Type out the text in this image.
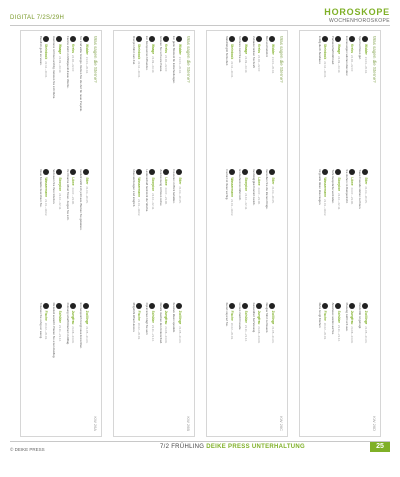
DIGITAL 7/2S/29H
HOROSKOPE
WOCHENHOROSKOPE
Was sagen die Sterne?
KW 26A
Widder
21.03.–20.04.
Sie sind voller Energie. Nutzen Sie die Zeit für neue Projekte.
Stier
21.04.–20.05.
Geduld zahlt sich jetzt aus. Bleiben Sie gelassen.
Zwillinge
21.05.–21.06.
Ein Gespräch bringt neue Einsichten.
Krebs
22.06.–22.07.
Familie steht im Mittelpunkt dieser Woche.
Löwe
23.07.–23.08.
Ihr Charme öffnet Türen. Zeigen Sie sich.
Jungfrau
24.08.–23.09.
Ordnung schafft Klarheit im Alltag.
Waage
24.09.–23.10.
Harmonie ist Ihnen wichtig. Gönnen Sie sich Ruhe.
Skorpion
24.10.–22.11.
Vertrauen Sie Ihrer Intuition.
Schütze
23.11.–21.12.
Reiselust erwacht. Planen Sie einen Ausflug.
Steinbock
22.12.–20.01.
Beruflich geht es voran.
Wassermann
21.01.–19.02.
Neue Kontakte bereichern Sie.
Fische
20.02.–20.03.
Träumen Sie ruhig ein wenig.
Was sagen die Sterne?
KW 26B
Widder
21.03.–20.04.
Ein guter Moment für Entscheidungen.
Stier
21.04.–20.05.
Finanzen im Blick behalten.
Zwillinge
21.05.–21.06.
Kreative Ideen sprudeln.
Krebs
22.06.–22.07.
Gönnen Sie sich eine Pause.
Löwe
23.07.–23.08.
Anerkennung ist Ihnen sicher.
Jungfrau
24.08.–23.09.
Details machen den Unterschied.
Waage
24.09.–23.10.
Ein Kompromiss hilft weiter.
Skorpion
24.10.–22.11.
Leidenschaft bestimmt die Woche.
Schütze
23.11.–21.12.
Optimismus trägt Sie weit.
Steinbock
22.12.–20.01.
Disziplin führt zum Ziel.
Wassermann
21.01.–19.02.
Überraschungen sind möglich.
Fische
20.02.–20.03.
Mitgefühl öffnet Herzen.
Was sagen die Sterne?
KW 26C
Widder
21.03.–20.04.
Mut wird belohnt.
Stier
21.04.–20.05.
Genießen Sie die kleinen Dinge.
Zwillinge
21.05.–21.06.
Neugier führt zu Neuem.
Krebs
22.06.–22.07.
Zuhause tanken Sie Kraft.
Löwe
23.07.–23.08.
Großzügigkeit kommt zurück.
Jungfrau
24.08.–23.09.
Gesundheit hat Vorrang.
Waage
24.09.–23.10.
Schönes zieht Sie an.
Skorpion
24.10.–22.11.
Ein Geheimnis lüftet sich.
Schütze
23.11.–21.12.
Lernen macht Freude.
Steinbock
22.12.–20.01.
Stabilität gibt Sicherheit.
Wassermann
21.01.–19.02.
Freiheit ist Ihnen wichtig.
Fische
20.02.–20.03.
Kunst inspiriert Sie.
Was sagen die Sterne?
KW 26D
Widder
21.03.–20.04.
Sport tut Ihnen gut.
Stier
21.04.–20.05.
Treue Freunde stehen zu Ihnen.
Zwillinge
21.05.–21.06.
Flexibilität ist gefragt.
Krebs
22.06.–22.07.
Erinnerungen wärmen das Herz.
Löwe
23.07.–23.08.
Sie stehen im Rampenlicht.
Jungfrau
24.08.–23.09.
Planung zahlt sich aus.
Waage
24.09.–23.10.
Partnerschaft blüht auf.
Skorpion
24.10.–22.11.
Tiefe Gespräche verbinden.
Schütze
23.11.–21.12.
Abenteuer warten auf Sie.
Steinbock
22.12.–20.01.
Erfolg durch Ausdauer.
Wassermann
21.01.–19.02.
Originelle Ideen überzeugen.
Fische
20.02.–20.03.
Ruhe bringt Klarheit.
© DEIKE PRESS	7/2 FRÜHLING DEIKE PRESS UNTERHALTUNG	25
